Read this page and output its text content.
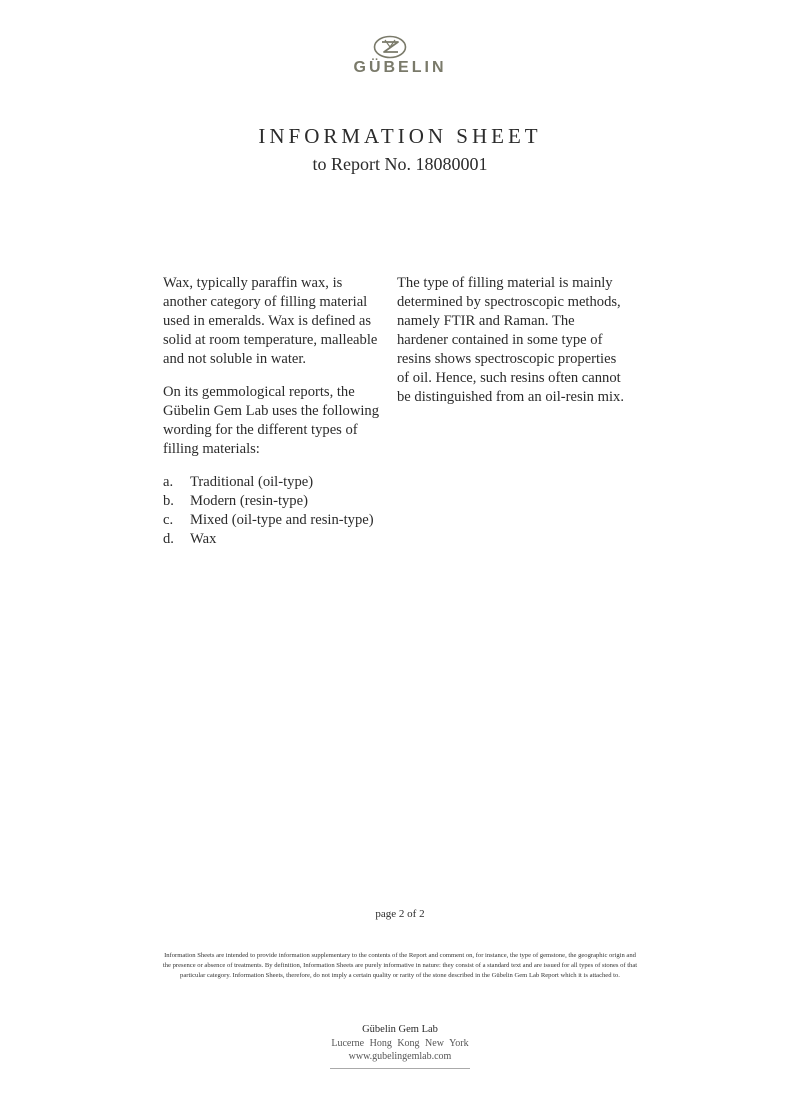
GÜBELIN
INFORMATION SHEET
to Report No. 18080001

Wax, typically paraffin wax, is another category of filling material used in emeralds. Wax is defined as solid at room temperature, malleable and not soluble in water.

On its gemmological reports, the Gübelin Gem Lab uses the following wording for the different types of filling materials:

a.	Traditional (oil-type)
b.	Modern (resin-type)
c.	Mixed (oil-type and resin-type)
d.	Wax

The type of filling material is mainly determined by spectroscopic methods, namely FTIR and Raman. The hardener contained in some type of resins shows spectroscopic properties of oil. Hence, such resins often cannot be distinguished from an oil-resin mix.

page 2 of 2
Information Sheets are intended to provide information supplementary to the contents of the Report and comment on, for instance, the type of gemstone, the geographic origin and the presence or absence of treatments. By definition, Information Sheets are purely informative in nature: they consist of a standard text and are issued for all types of stones of that particular category. Information Sheets, therefore, do not imply a certain quality or rarity of the stone described in the Gübelin Gem Lab Report which it is attached to.
Gübelin Gem Lab
Lucerne Hong Kong New York
www.gubelingemlab.com
